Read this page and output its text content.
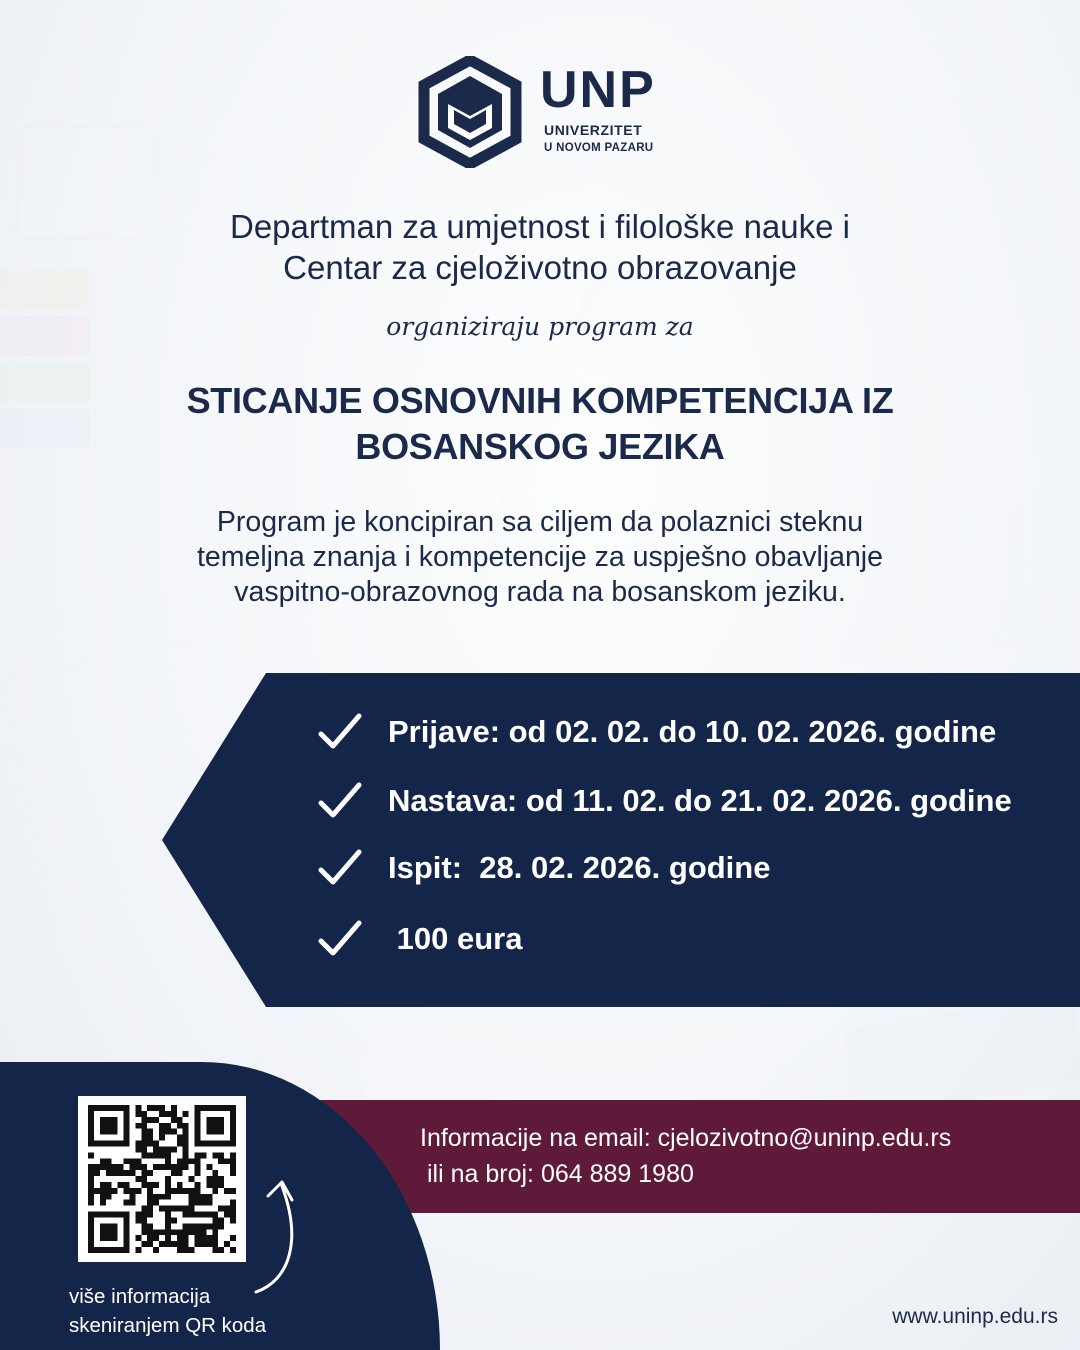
2002 UNP
UNIVERZITET
U NOVOM PAZARU
Departman za umjetnost i filološke nauke i
Centar za cjeloživotno obrazovanje
organiziraju program za
STICANJE OSNOVNIH KOMPETENCIJA IZ
BOSANSKOG JEZIKA
Program je koncipiran sa ciljem da polaznici steknu
temeljna znanja i kompetencije za uspješno obavljanje
vaspitno-obrazovnog rada na bosanskom jeziku.
Prijave: od 02. 02. do 10. 02. 2026. godine
Nastava: od 11. 02. do 21. 02. 2026. godine
Ispit:  28. 02. 2026. godine
100 eura
Informacije na email: cjelozivotno@uninp.edu.rs
ili na broj: 064 889 1980
više informacija
skeniranjem QR koda	www.uninp.edu.rs
